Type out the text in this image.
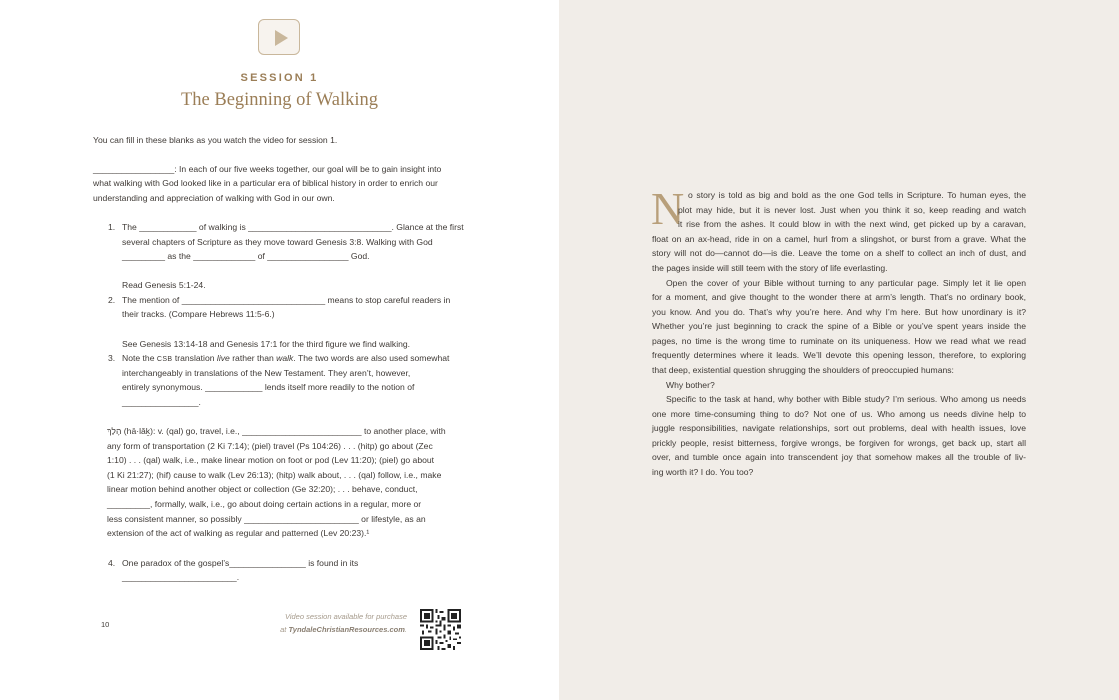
SESSION 1
The Beginning of Walking
You can fill in these blanks as you watch the video for session 1.
_________________: In each of our five weeks together, our goal will be to gain insight into
what walking with God looked like in a particular era of biblical history in order to enrich our
understanding and appreciation of walking with God in our own.
1. The ____________ of walking is ______________________________. Glance at the first
several chapters of Scripture as they move toward Genesis 3:8. Walking with God
_________ as the _____________ of _________________ God.
Read Genesis 5:1-24.
2. The mention of ______________________________ means to stop careful readers in
their tracks. (Compare Hebrews 11:5-6.)
See Genesis 13:14-18 and Genesis 17:1 for the third figure we find walking.
3. Note the CSB translation live rather than walk. The two words are also used somewhat
interchangeably in translations of the New Testament. They aren’t, however,
entirely synonymous. ____________ lends itself more readily to the notion of
________________.
הָלַךְ (hā·lǎḵ): v. (qal) go, travel, i.e., _________________________ to another place, with
any form of transportation (2 Ki 7:14); (piel) travel (Ps 104:26) . . . (hitp) go about (Zec
1:10) . . . (qal) walk, i.e., make linear motion on foot or pod (Lev 11:20); (piel) go about
(1 Ki 21:27); (hif) cause to walk (Lev 26:13); (hitp) walk about, . . . (qal) follow, i.e., make
linear motion behind another object or collection (Ge 32:20); . . . behave, conduct,
_________, formally, walk, i.e., go about doing certain actions in a regular, more or
less consistent manner, so possibly ________________________ or lifestyle, as an
extension of the act of walking as regular and patterned (Lev 20:23).¹
4. One paradox of the gospel’s________________ is found in its
________________________.
10
Video session available for purchase
at TyndaleChristianResources.com.
N o story is told as big and bold as the one God tells in Scripture. To human eyes, the
plot may hide, but it is never lost. Just when you think it so, keep reading and watch
it rise from the ashes. It could blow in with the next wind, get picked up by a caravan,
float on an ax-head, ride in on a camel, hurl from a slingshot, or burst from a grave. What the
story will not do—cannot do—is die. Leave the tome on a shelf to collect an inch of dust, and
the pages inside will still teem with the story of life everlasting.
Open the cover of your Bible without turning to any particular page. Simply let it lie open
for a moment, and give thought to the wonder there at arm’s length. That’s no ordinary book,
you know. And you do. That’s why you’re here. And why I’m here. But how unordinary is it?
Whether you’re just beginning to crack the spine of a Bible or you’ve spent years inside the
pages, no time is the wrong time to ruminate on its uniqueness. How we read what we read
frequently determines where it leads. We’ll devote this opening lesson, therefore, to exploring
that deep, existential question shrugging the shoulders of preoccupied humans:
Why bother?
Specific to the task at hand, why bother with Bible study? I’m serious. Who among us needs
one more time-consuming thing to do? Not one of us. Who among us needs divine help to
juggle responsibilities, navigate relationships, sort out problems, deal with health issues, love
prickly people, resist bitterness, forgive wrongs, be forgiven for wrongs, get back up, start all
over, and tumble once again into transcendent joy that somehow makes all the trouble of liv-
ing worth it? I do. You too?
